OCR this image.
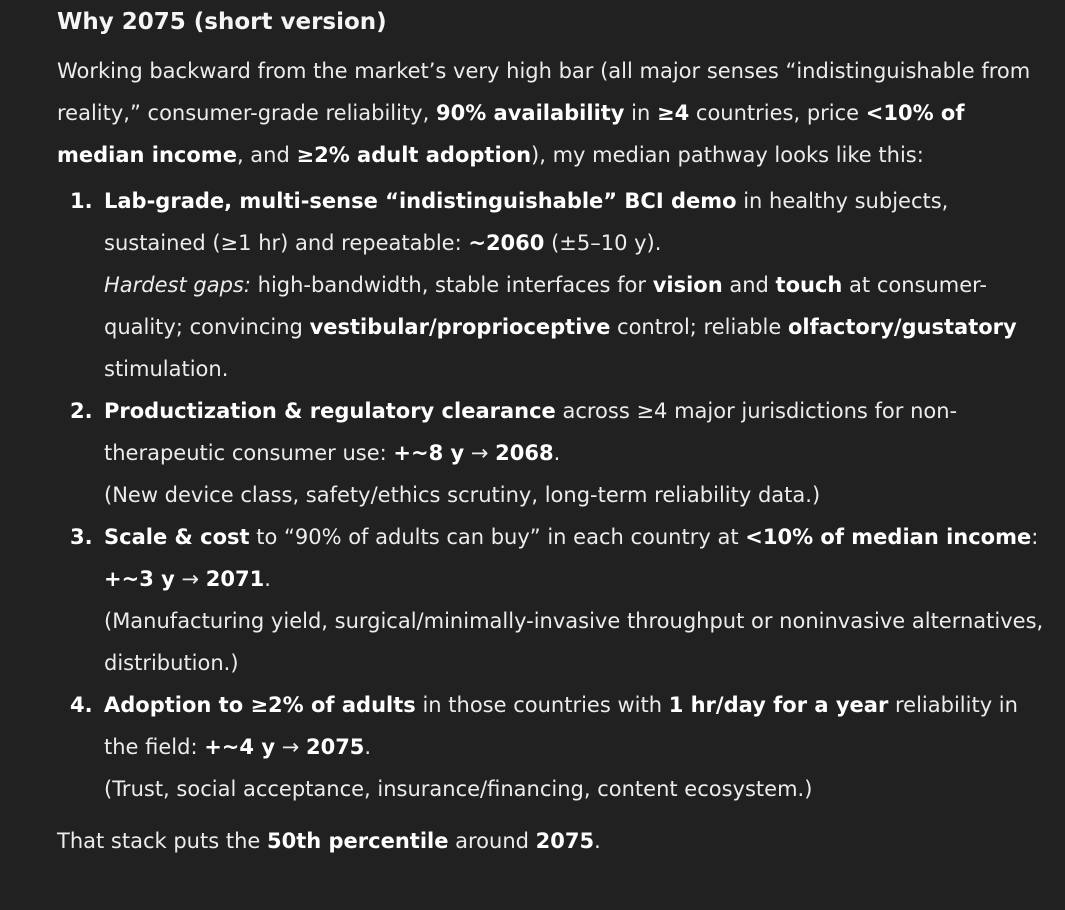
Why 2075 (short version)

Working backward from the market’s very high bar (all major senses “indistinguishable from reality,” consumer-grade reliability, 90% availability in ≥4 countries, price <10% of median income, and ≥2% adult adoption), my median pathway looks like this:

1. Lab-grade, multi-sense “indistinguishable” BCI demo in healthy subjects, sustained (≥1 hr) and repeatable: ~2060 (±5–10 y).
Hardest gaps: high-bandwidth, stable interfaces for vision and touch at consumer-quality; convincing vestibular/proprioceptive control; reliable olfactory/gustatory stimulation.
2. Productization & regulatory clearance across ≥4 major jurisdictions for non-therapeutic consumer use: +~8 y → 2068.
(New device class, safety/ethics scrutiny, long-term reliability data.)
3. Scale & cost to “90% of adults can buy” in each country at <10% of median income: +~3 y → 2071.
(Manufacturing yield, surgical/minimally-invasive throughput or noninvasive alternatives, distribution.)
4. Adoption to ≥2% of adults in those countries with 1 hr/day for a year reliability in the field: +~4 y → 2075.
(Trust, social acceptance, insurance/financing, content ecosystem.)

That stack puts the 50th percentile around 2075.
